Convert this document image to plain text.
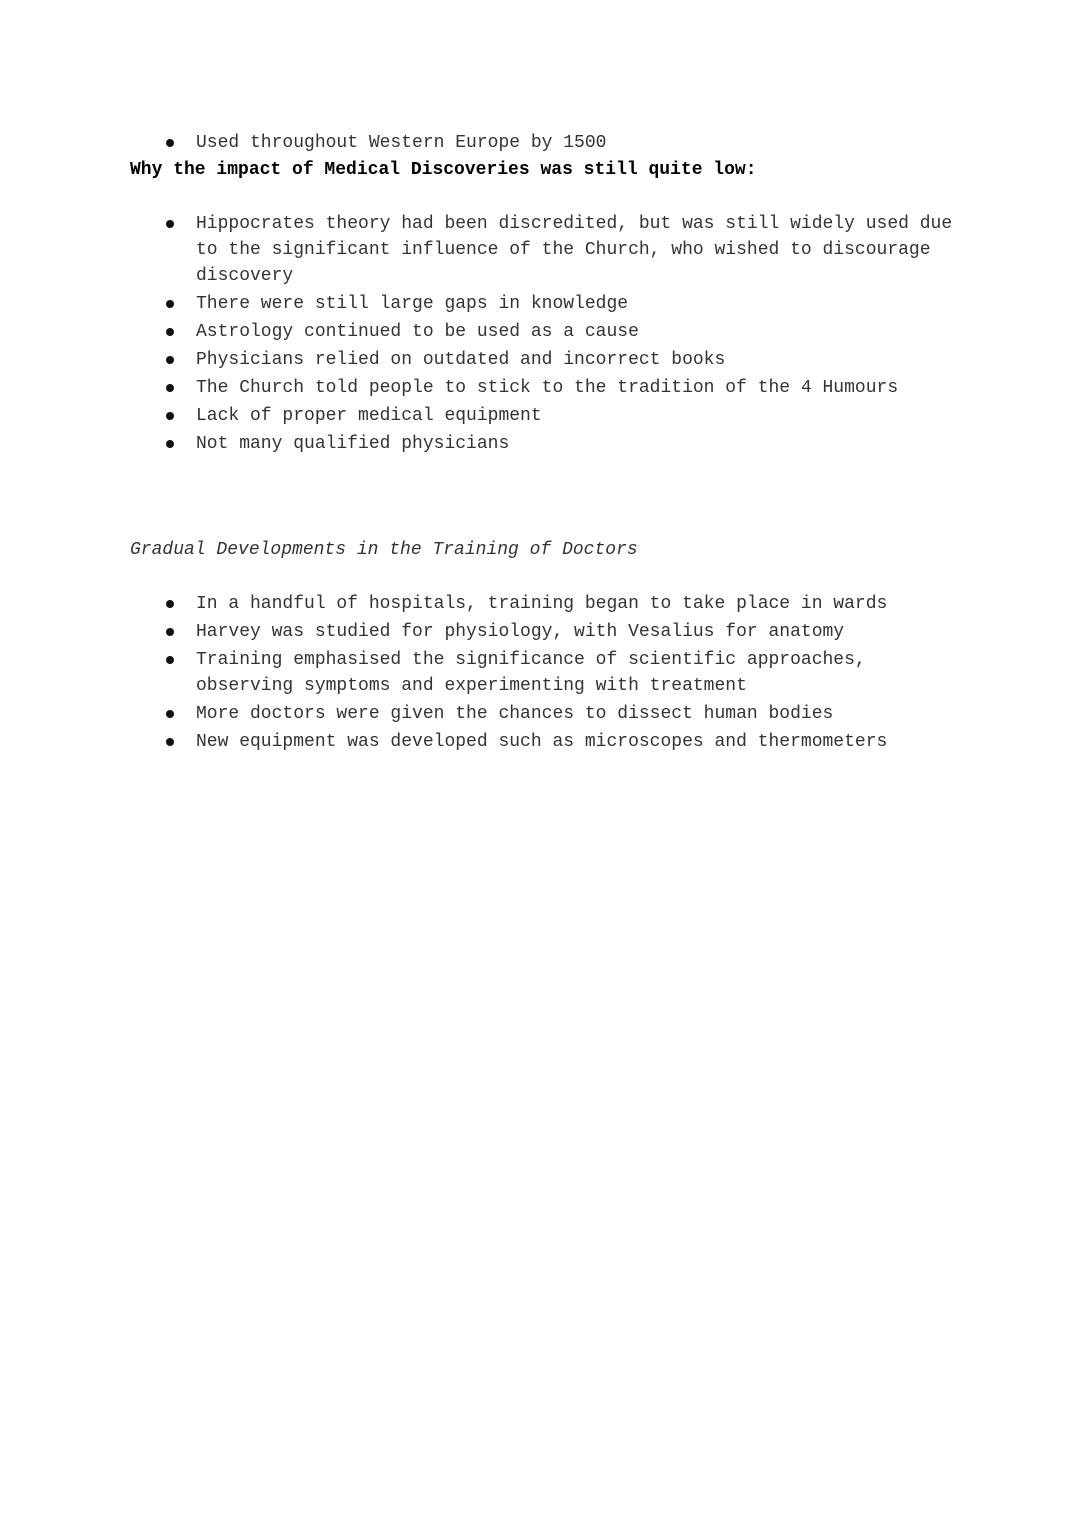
Used throughout Western Europe by 1500
Why the impact of Medical Discoveries was still quite low:
Hippocrates theory had been discredited, but was still widely used due to the significant influence of the Church, who wished to discourage discovery
There were still large gaps in knowledge
Astrology continued to be used as a cause
Physicians relied on outdated and incorrect books
The Church told people to stick to the tradition of the 4 Humours
Lack of proper medical equipment
Not many qualified physicians
Gradual Developments in the Training of Doctors
In a handful of hospitals, training began to take place in wards
Harvey was studied for physiology, with Vesalius for anatomy
Training emphasised the significance of scientific approaches, observing symptoms and experimenting with treatment
More doctors were given the chances to dissect human bodies
New equipment was developed such as microscopes and thermometers
